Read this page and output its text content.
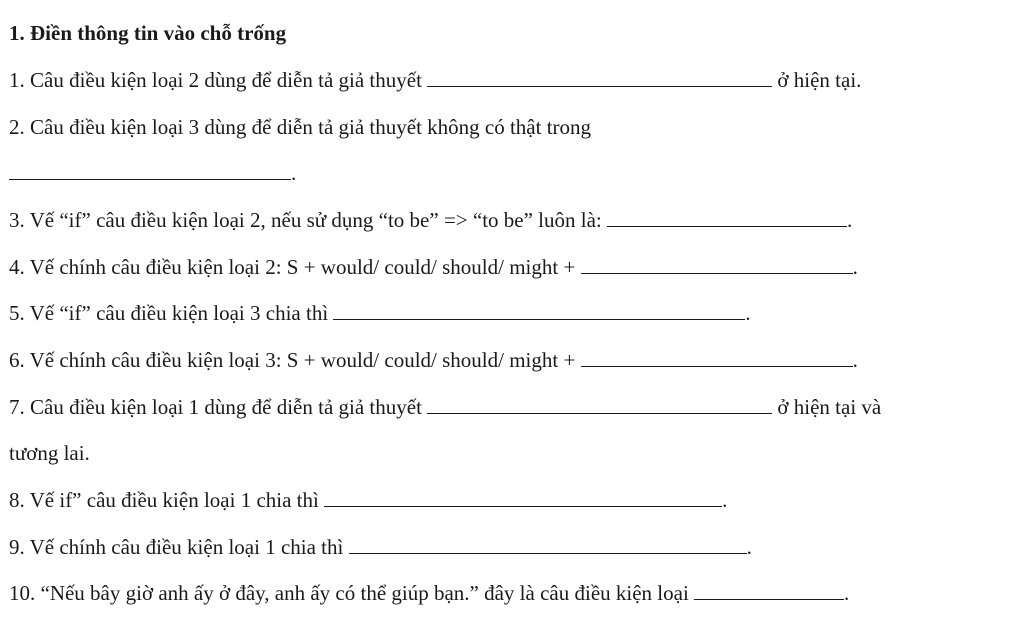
1. Điền thông tin vào chỗ trống
1. Câu điều kiện loại 2 dùng để diễn tả giả thuyết	ở hiện tại.
2. Câu điều kiện loại 3 dùng để diễn tả giả thuyết không có thật trong
.
3. Vế “if” câu điều kiện loại 2, nếu sử dụng “to be” => “to be” luôn là:	.
4. Vế chính câu điều kiện loại 2: S + would/ could/ should/ might +	.
5. Vế “if” câu điều kiện loại 3 chia thì	.
6. Vế chính câu điều kiện loại 3: S + would/ could/ should/ might +	.
7. Câu điều kiện loại 1 dùng để diễn tả giả thuyết	ở hiện tại và
tương lai.
8. Vế if” câu điều kiện loại 1 chia thì	.
9. Vế chính câu điều kiện loại 1 chia thì	.
10. “Nếu bây giờ anh ấy ở đây, anh ấy có thể giúp bạn.” đây là câu điều kiện loại	.
